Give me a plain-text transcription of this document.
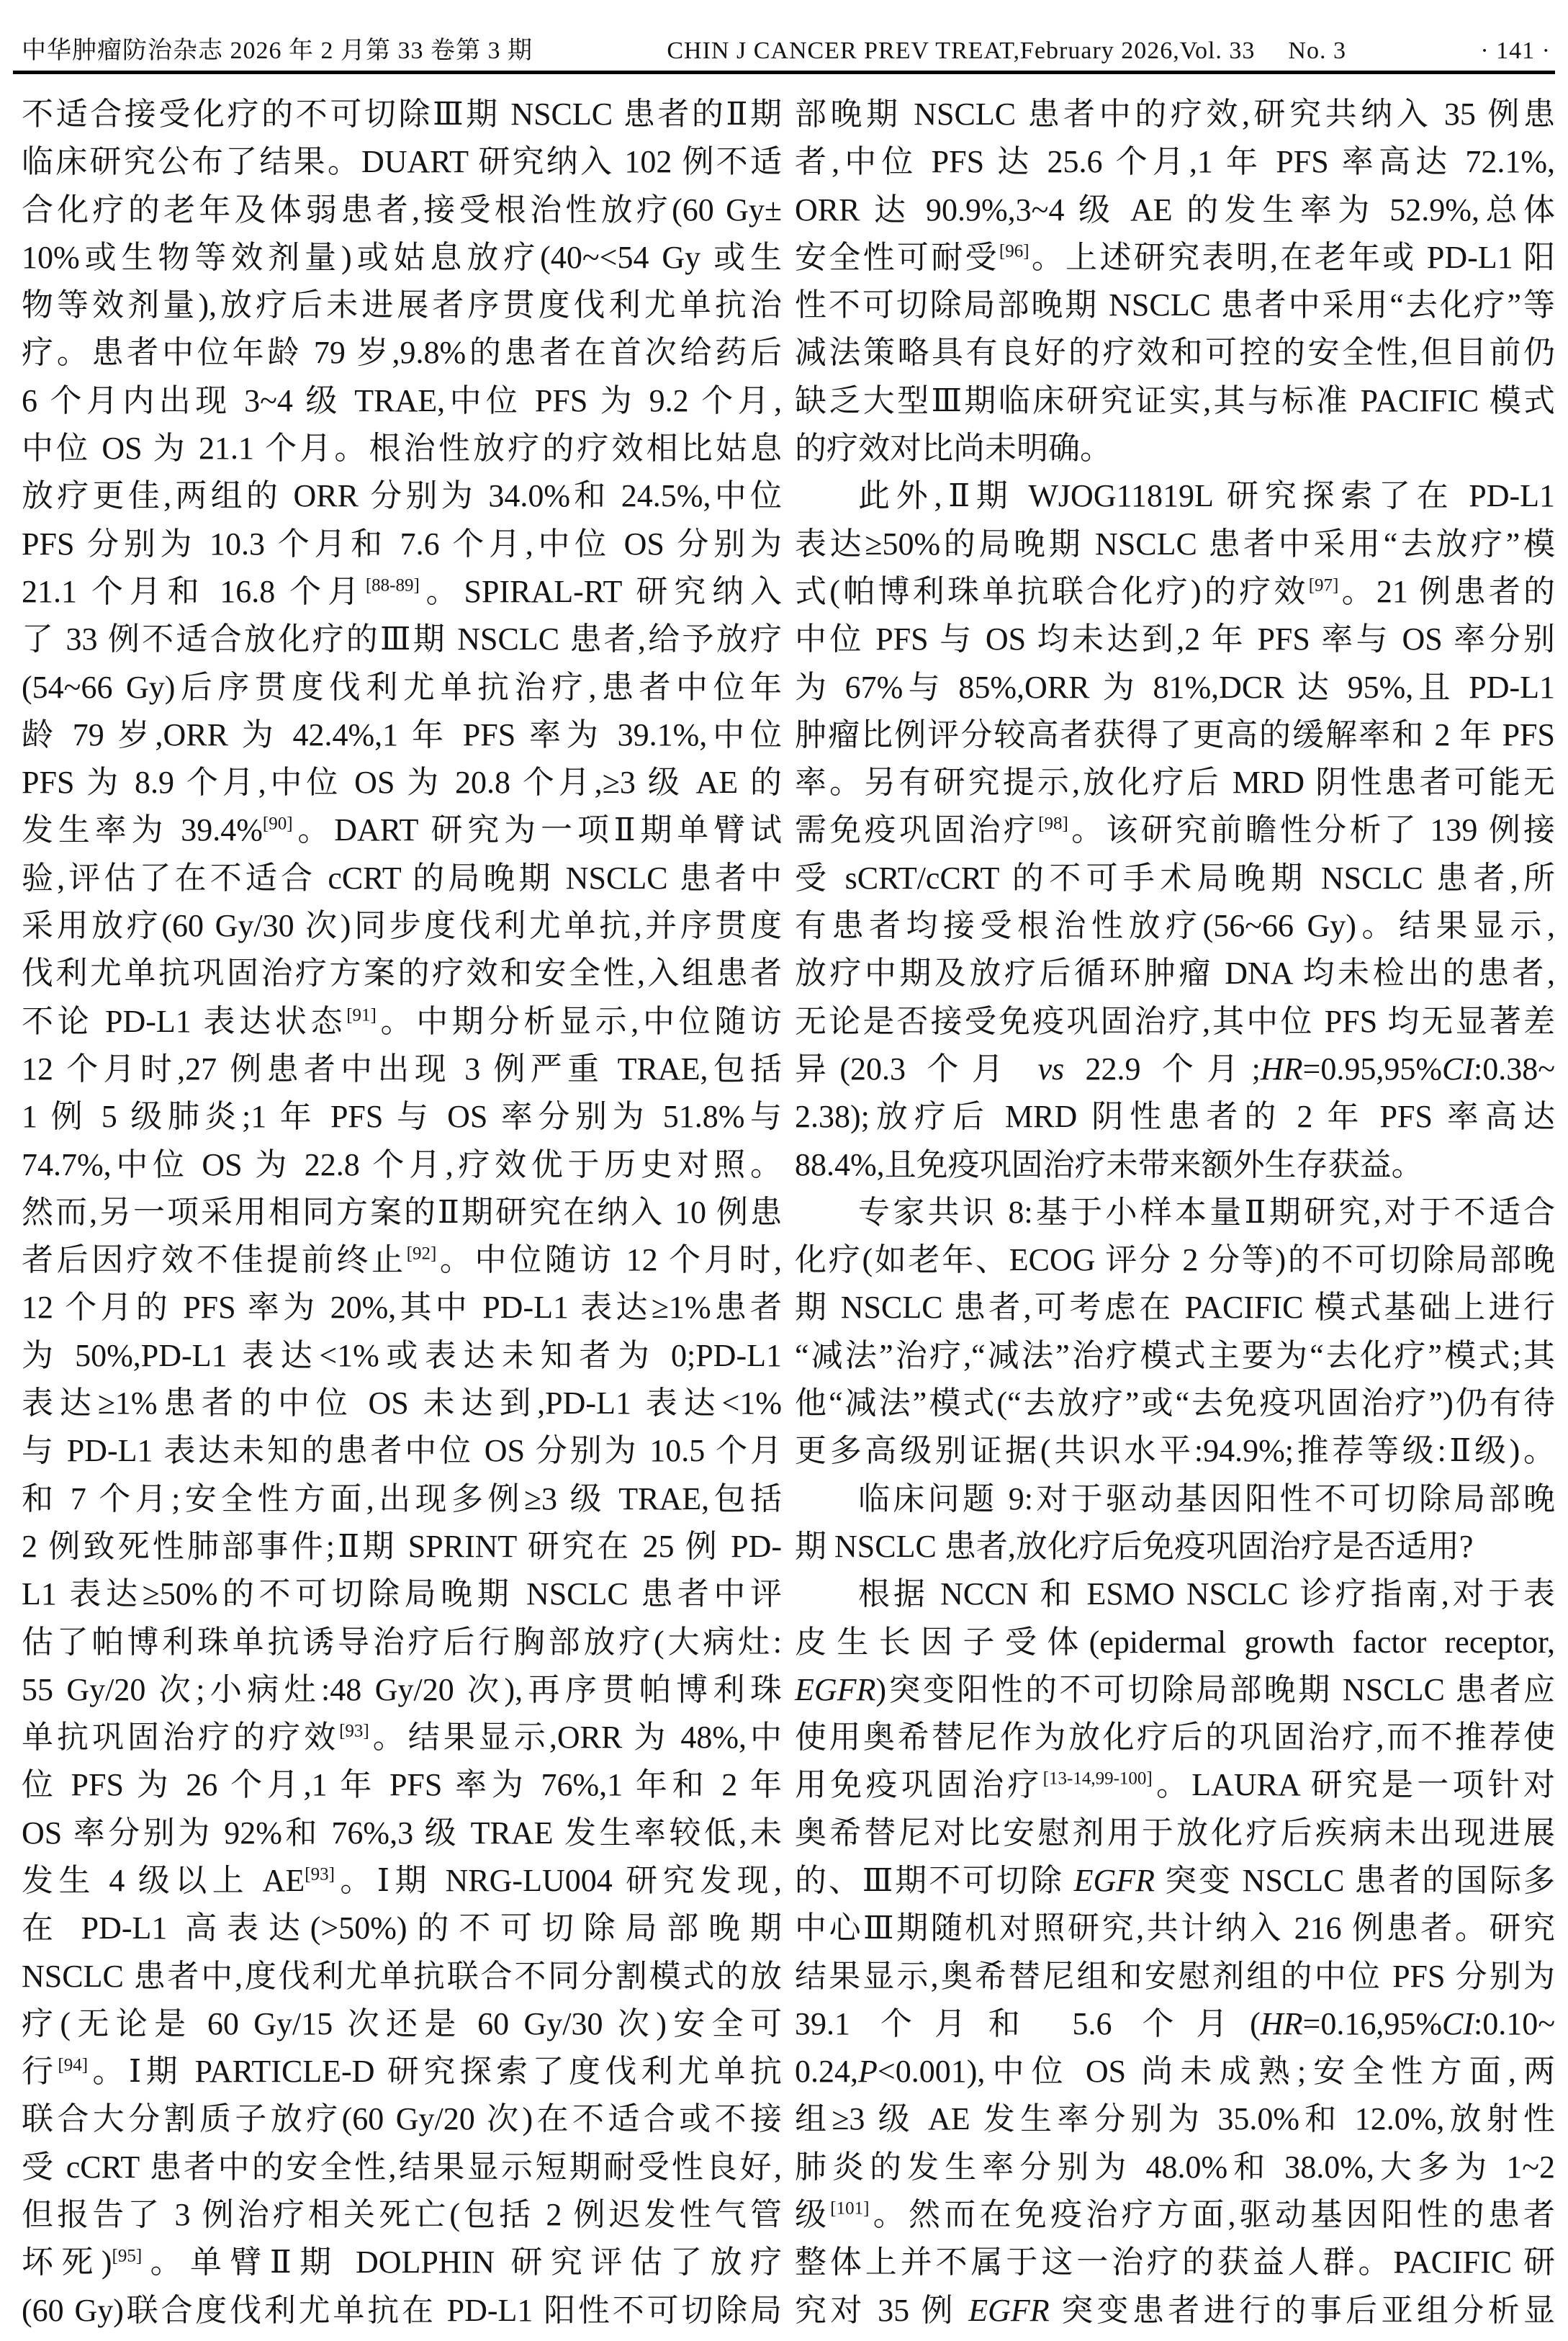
中华肿瘤防治杂志 2026 年 2 月第 33 卷第 3 期	CHIN J CANCER PREV TREAT,February 2026,Vol. 33 No. 3	· 141 ·
不适合接受化疗的不可切除Ⅲ期 NSCLC 患者的Ⅱ期
临床研究公布了结果。DUART 研究纳入 102 例不适
合化疗的老年及体弱患者,接受根治性放疗(60 Gy±
10%或生物等效剂量)或姑息放疗(40~<54 Gy 或生
物等效剂量),放疗后未进展者序贯度伐利尤单抗治
疗。患者中位年龄 79 岁,9.8%的患者在首次给药后
6 个月内出现 3~4 级 TRAE,中位 PFS 为 9.2 个月,
中位 OS 为 21.1 个月。根治性放疗的疗效相比姑息
放疗更佳,两组的 ORR 分别为 34.0%和 24.5%,中位
PFS 分别为 10.3 个月和 7.6 个月,中位 OS 分别为
21.1 个月和 16.8 个月[88-89]。SPIRAL-RT 研究纳入
了 33 例不适合放化疗的Ⅲ期 NSCLC 患者,给予放疗
(54~66 Gy)后序贯度伐利尤单抗治疗,患者中位年
龄 79 岁,ORR 为 42.4%,1 年 PFS 率为 39.1%,中位
PFS 为 8.9 个月,中位 OS 为 20.8 个月,≥3 级 AE 的
发生率为 39.4%[90]。DART 研究为一项Ⅱ期单臂试
验,评估了在不适合 cCRT 的局晚期 NSCLC 患者中
采用放疗(60 Gy/30 次)同步度伐利尤单抗,并序贯度
伐利尤单抗巩固治疗方案的疗效和安全性,入组患者
不论 PD-L1 表达状态[91]。中期分析显示,中位随访
12 个月时,27 例患者中出现 3 例严重 TRAE,包括
1 例 5 级肺炎;1 年 PFS 与 OS 率分别为 51.8%与
74.7%,中位 OS 为 22.8 个月,疗效优于历史对照。
然而,另一项采用相同方案的Ⅱ期研究在纳入 10 例患
者后因疗效不佳提前终止[92]。中位随访 12 个月时,
12 个月的 PFS 率为 20%,其中 PD-L1 表达≥1%患者
为 50%,PD-L1 表达<1%或表达未知者为 0;PD-L1
表达≥1%患者的中位 OS 未达到,PD-L1 表达<1%
与 PD-L1 表达未知的患者中位 OS 分别为 10.5 个月
和 7 个月;安全性方面,出现多例≥3 级 TRAE,包括
2 例致死性肺部事件;Ⅱ期 SPRINT 研究在 25 例 PD-
L1 表达≥50%的不可切除局晚期 NSCLC 患者中评
估了帕博利珠单抗诱导治疗后行胸部放疗(大病灶:
55 Gy/20 次;小病灶:48 Gy/20 次),再序贯帕博利珠
单抗巩固治疗的疗效[93]。结果显示,ORR 为 48%,中
位 PFS 为 26 个月,1 年 PFS 率为 76%,1 年和 2 年
OS 率分别为 92%和 76%,3 级 TRAE 发生率较低,未
发生 4 级以上 AE[93]。Ⅰ期 NRG-LU004 研究发现,
在 PD-L1 高表达(>50%)的不可切除局部晚期
NSCLC 患者中,度伐利尤单抗联合不同分割模式的放
疗(无论是 60 Gy/15 次还是 60 Gy/30 次)安全可
行[94]。Ⅰ期 PARTICLE-D 研究探索了度伐利尤单抗
联合大分割质子放疗(60 Gy/20 次)在不适合或不接
受 cCRT 患者中的安全性,结果显示短期耐受性良好,
但报告了 3 例治疗相关死亡(包括 2 例迟发性气管
坏死)[95]。单臂Ⅱ期 DOLPHIN 研究评估了放疗
(60 Gy)联合度伐利尤单抗在 PD-L1 阳性不可切除局
部晚期 NSCLC 患者中的疗效,研究共纳入 35 例患
者,中位 PFS 达 25.6 个月,1 年 PFS 率高达 72.1%,
ORR 达 90.9%,3~4 级 AE 的发生率为 52.9%,总体
安全性可耐受[96]。上述研究表明,在老年或 PD-L1 阳
性不可切除局部晚期 NSCLC 患者中采用“去化疗”等
减法策略具有良好的疗效和可控的安全性,但目前仍
缺乏大型Ⅲ期临床研究证实,其与标准 PACIFIC 模式
的疗效对比尚未明确。
此外,Ⅱ期 WJOG11819L 研究探索了在 PD-L1
表达≥50%的局晚期 NSCLC 患者中采用“去放疗”模
式(帕博利珠单抗联合化疗)的疗效[97]。21 例患者的
中位 PFS 与 OS 均未达到,2 年 PFS 率与 OS 率分别
为 67%与 85%,ORR 为 81%,DCR 达 95%,且 PD-L1
肿瘤比例评分较高者获得了更高的缓解率和 2 年 PFS
率。另有研究提示,放化疗后 MRD 阴性患者可能无
需免疫巩固治疗[98]。该研究前瞻性分析了 139 例接
受 sCRT/cCRT 的不可手术局晚期 NSCLC 患者,所
有患者均接受根治性放疗(56~66 Gy)。结果显示,
放疗中期及放疗后循环肿瘤 DNA 均未检出的患者,
无论是否接受免疫巩固治疗,其中位 PFS 均无显著差
异(20.3 个月 vs 22.9 个月;HR=0.95,95%CI:0.38~
2.38);放疗后 MRD 阴性患者的 2 年 PFS 率高达
88.4%,且免疫巩固治疗未带来额外生存获益。
专家共识 8:基于小样本量Ⅱ期研究,对于不适合
化疗(如老年、ECOG 评分 2 分等)的不可切除局部晚
期 NSCLC 患者,可考虑在 PACIFIC 模式基础上进行
“减法”治疗,“减法”治疗模式主要为“去化疗”模式;其
他“减法”模式(“去放疗”或“去免疫巩固治疗”)仍有待
更多高级别证据(共识水平:94.9%;推荐等级:Ⅱ级)。
临床问题 9:对于驱动基因阳性不可切除局部晚
期 NSCLC 患者,放化疗后免疫巩固治疗是否适用?
根据 NCCN 和 ESMO NSCLC 诊疗指南,对于表
皮生长因子受体(epidermal growth factor receptor,
EGFR)突变阳性的不可切除局部晚期 NSCLC 患者应
使用奥希替尼作为放化疗后的巩固治疗,而不推荐使
用免疫巩固治疗[13-14,99-100]。LAURA 研究是一项针对
奥希替尼对比安慰剂用于放化疗后疾病未出现进展
的、Ⅲ期不可切除 EGFR 突变 NSCLC 患者的国际多
中心Ⅲ期随机对照研究,共计纳入 216 例患者。研究
结果显示,奥希替尼组和安慰剂组的中位 PFS 分别为
39.1 个月和 5.6 个月(HR=0.16,95%CI:0.10~
0.24,P<0.001),中位 OS 尚未成熟;安全性方面,两
组≥3 级 AE 发生率分别为 35.0%和 12.0%,放射性
肺炎的发生率分别为 48.0%和 38.0%,大多为 1~2
级[101]。然而在免疫治疗方面,驱动基因阳性的患者
整体上并不属于这一治疗的获益人群。PACIFIC 研
究对 35 例 EGFR 突变患者进行的事后亚组分析显
